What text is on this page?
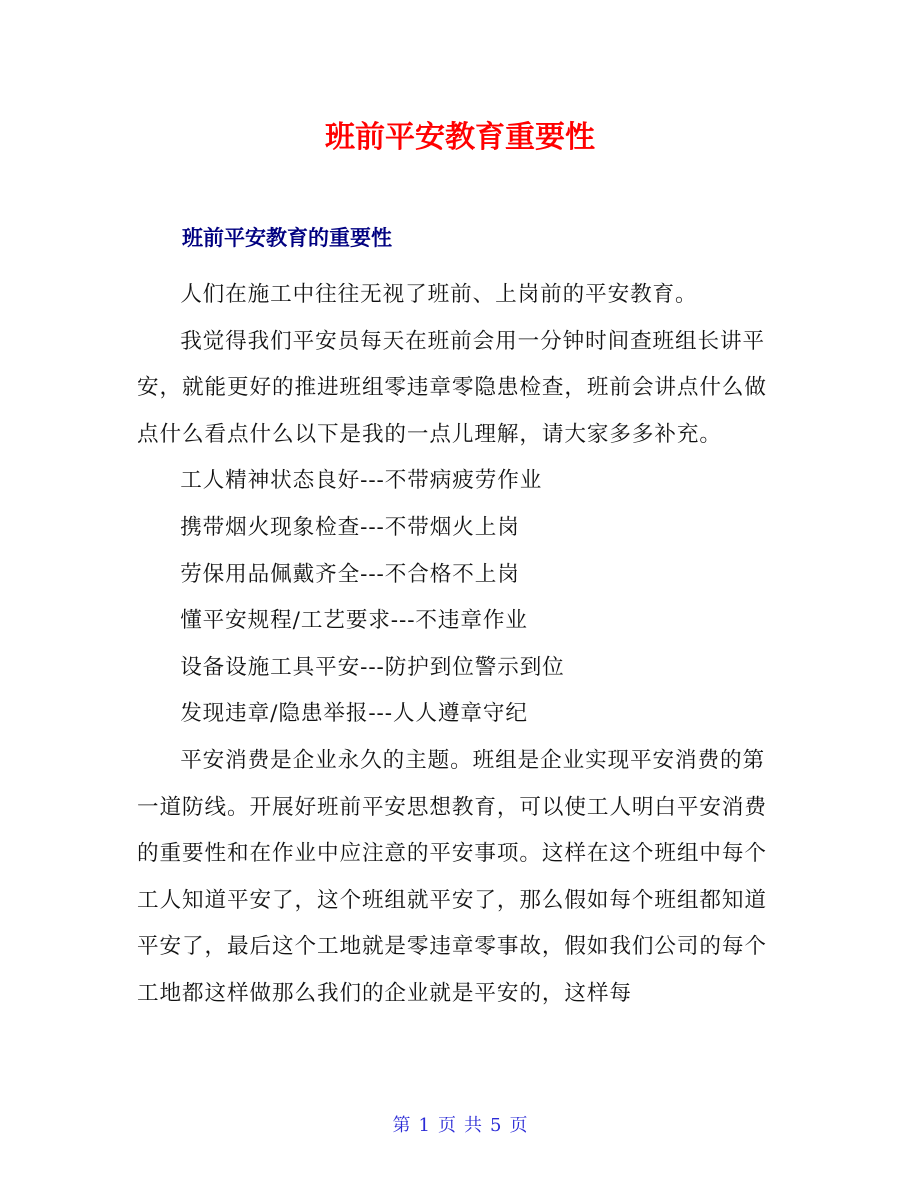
班前平安教育重要性
班前平安教育的重要性

人们在施工中往往无视了班前、上岗前的平安教育。

我觉得我们平安员每天在班前会用一分钟时间查班组长讲平安，就能更好的推进班组零违章零隐患检查，班前会讲点什么做点什么看点什么以下是我的一点儿理解，请大家多多补充。

工人精神状态良好---不带病疲劳作业

携带烟火现象检查---不带烟火上岗

劳保用品佩戴齐全---不合格不上岗

懂平安规程/工艺要求---不违章作业

设备设施工具平安---防护到位警示到位

发现违章/隐患举报---人人遵章守纪

平安消费是企业永久的主题。班组是企业实现平安消费的第一道防线。开展好班前平安思想教育，可以使工人明白平安消费的重要性和在作业中应注意的平安事项。这样在这个班组中每个工人知道平安了，这个班组就平安了，那么假如每个班组都知道平安了，最后这个工地就是零违章零事故，假如我们公司的每个工地都这样做那么我们的企业就是平安的，这样每

第 1 页 共 5 页
